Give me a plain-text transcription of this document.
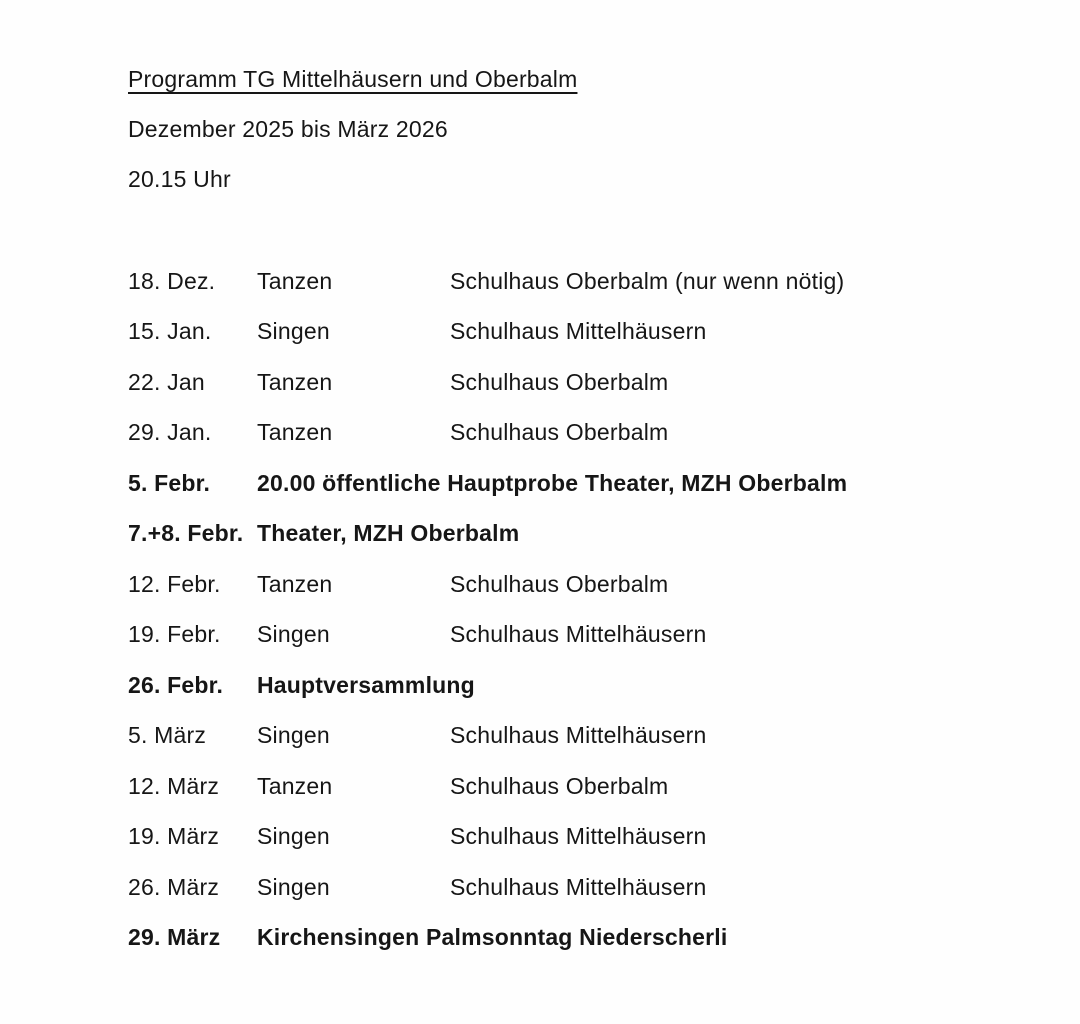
Programm TG Mittelhäusern und Oberbalm
Dezember 2025 bis März 2026
20.15 Uhr
18. Dez.	Tanzen	Schulhaus Oberbalm (nur wenn nötig)
15. Jan.	Singen	Schulhaus Mittelhäusern
22. Jan	Tanzen	Schulhaus Oberbalm
29. Jan.	Tanzen	Schulhaus Oberbalm
5. Febr.	20.00 öffentliche Hauptprobe Theater, MZH Oberbalm
7.+8. Febr. Theater, MZH Oberbalm
12. Febr.	Tanzen	Schulhaus Oberbalm
19. Febr.	Singen	Schulhaus Mittelhäusern
26. Febr.	Hauptversammlung
5. März	Singen	Schulhaus Mittelhäusern
12. März	Tanzen	Schulhaus Oberbalm
19. März	Singen	Schulhaus Mittelhäusern
26. März	Singen	Schulhaus Mittelhäusern
29. März	Kirchensingen Palmsonntag Niederscherli
